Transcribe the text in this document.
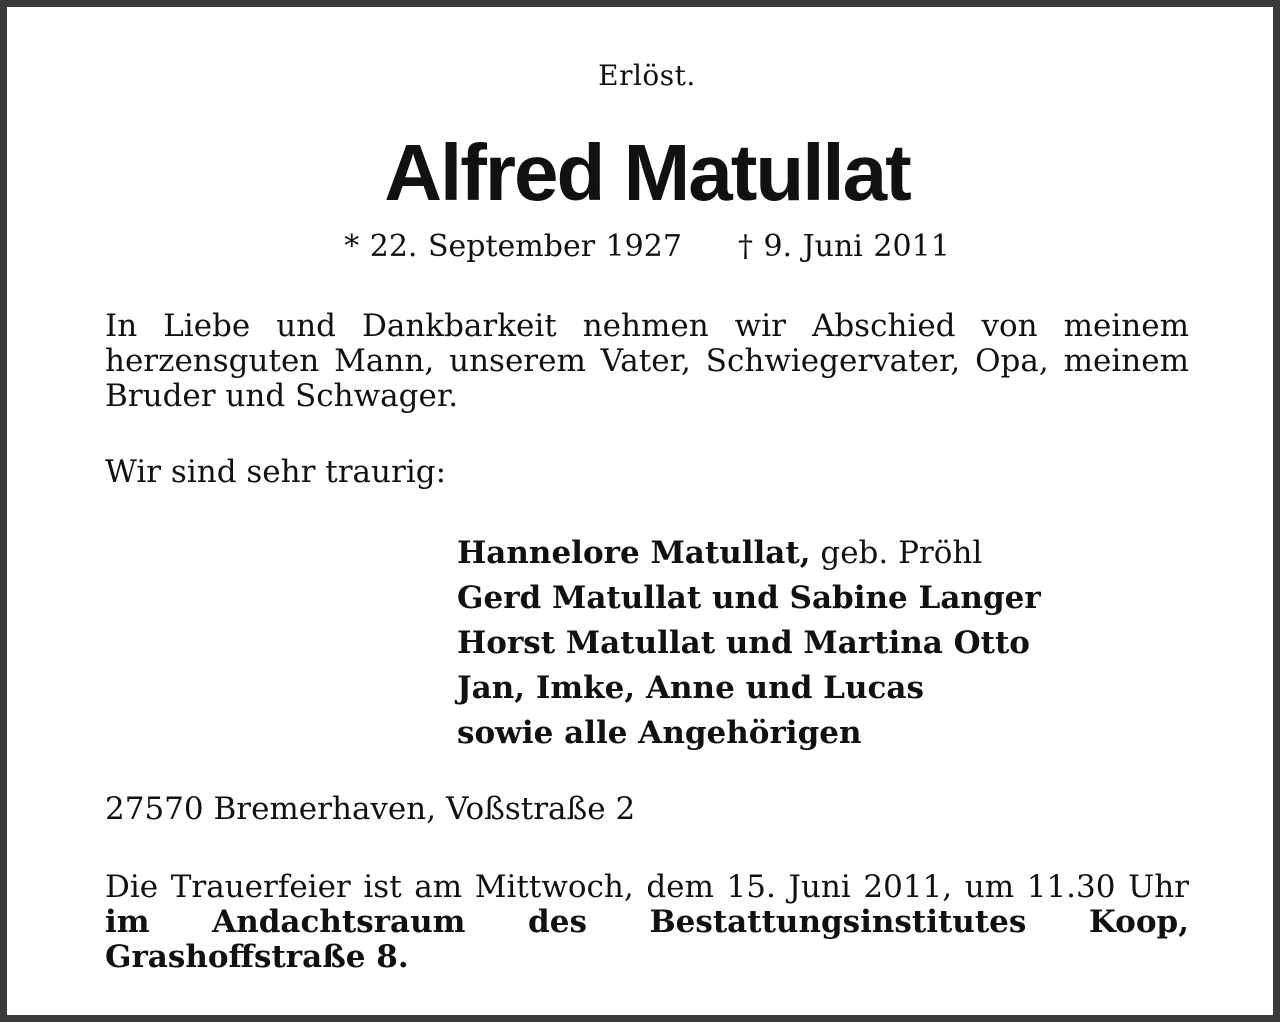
Erlöst.
Alfred Matullat
* 22. September 1927 † 9. Juni 2011
In Liebe und Dankbarkeit nehmen wir Abschied von meinem herzensguten Mann, unserem Vater, Schwiegervater, Opa, meinem Bruder und Schwager.
Wir sind sehr traurig:
Hannelore Matullat, geb. Pröhl
Gerd Matullat und Sabine Langer
Horst Matullat und Martina Otto
Jan, Imke, Anne und Lucas
sowie alle Angehörigen
27570 Bremerhaven, Voßstraße 2
Die Trauerfeier ist am Mittwoch, dem 15. Juni 2011, um 11.30 Uhr im Andachtsraum des Bestattungsinstitutes Koop, Grashoffstraße 8.
